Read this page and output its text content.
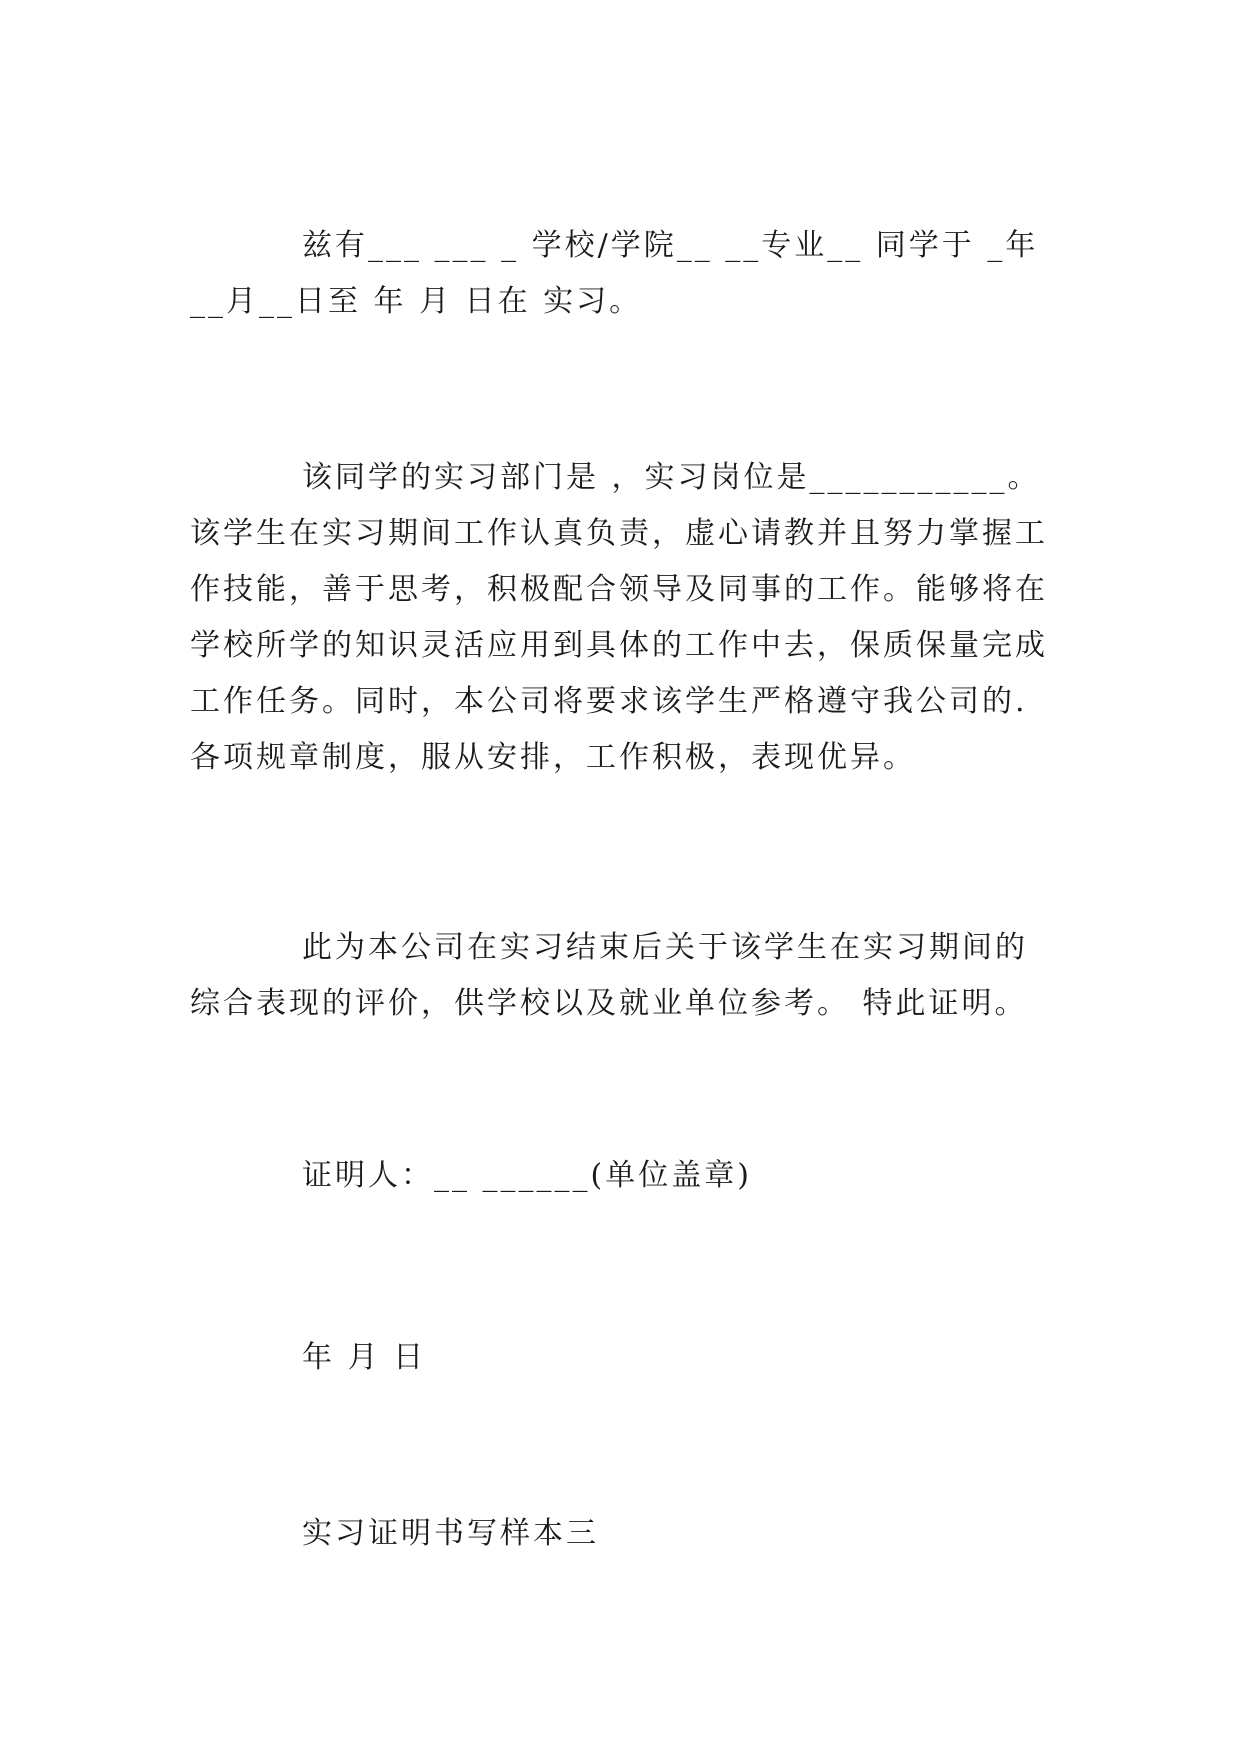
兹有___ ___ _ 学校/学院__ __专业__ 同学于 _年__月__日至 年 月 日在 实习。

该同学的实习部门是 ，实习岗位是___________。该学生在实习期间工作认真负责，虚心请教并且努力掌握工作技能，善于思考，积极配合领导及同事的工作。能够将在学校所学的知识灵活应用到具体的工作中去，保质保量完成工作任务。同时，本公司将要求该学生严格遵守我公司的.各项规章制度，服从安排，工作积极，表现优异。

此为本公司在实习结束后关于该学生在实习期间的综合表现的评价，供学校以及就业单位参考。 特此证明。

证明人：__ ______(单位盖章)
年 月 日
实习证明书写样本三
